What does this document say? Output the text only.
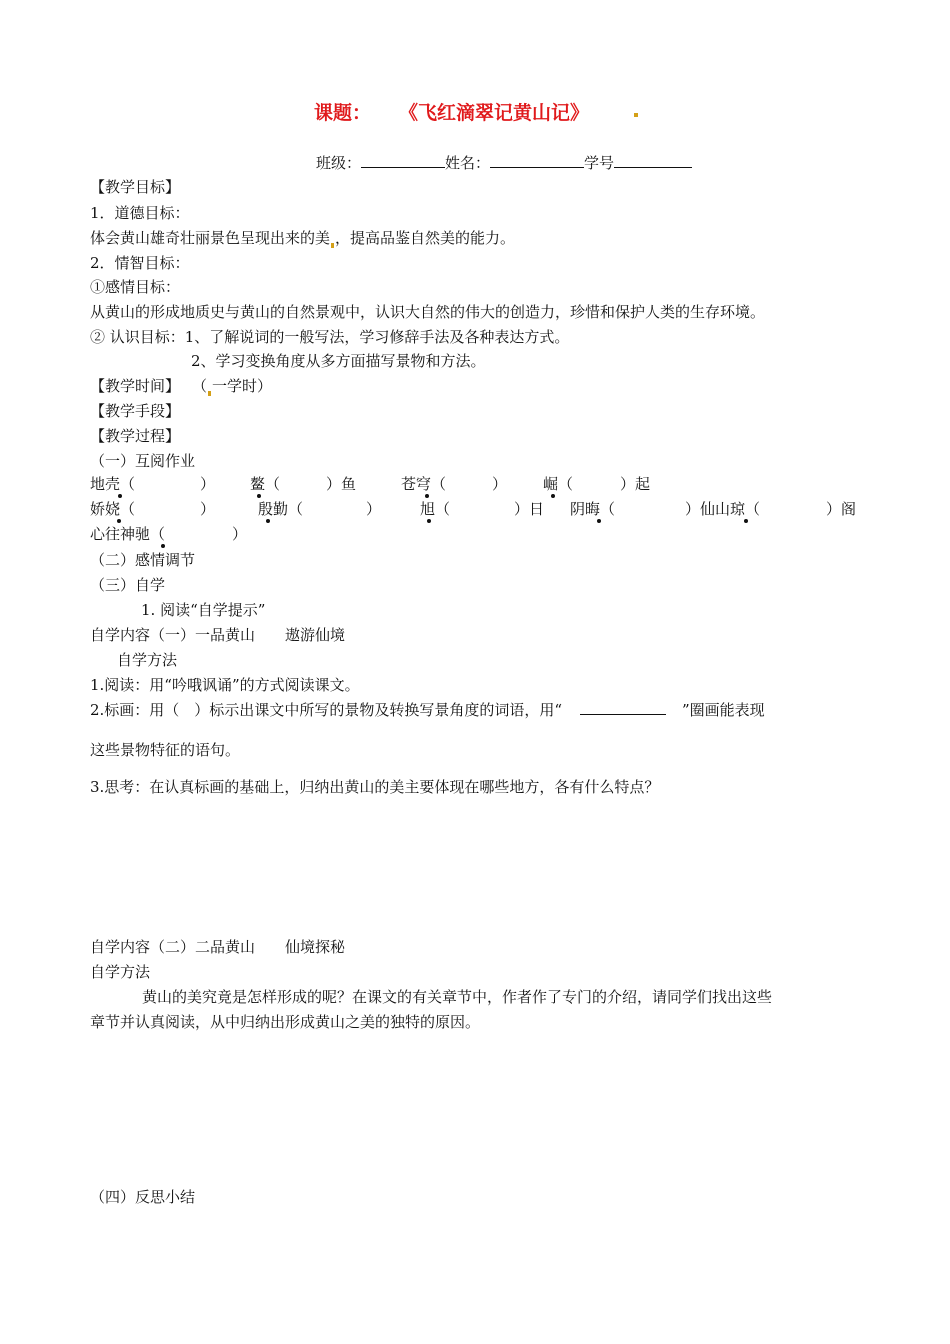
课题： 《飞红滴翠记黄山记》
班级：	姓名：	学号
【教学目标】
1．道德目标：
体会黄山雄奇壮丽景色呈现出来的美 ，提高品鉴自然美的能力。
2．情智目标：
①感情目标：
从黄山的形成地质史与黄山的自然景观中，认识大自然的伟大的创造力，珍惜和保护人类的生存环境。
② 认识目标：1、了解说词的一般写法，学习修辞手法及各种表达方式。
2、学习变换角度从多方面描写景物和方法。
【教学时间】 （ 一学时）
【教学手段】
【教学过程】
（一）互阅作业
地壳（	） 鳌（	）鱼	苍穹（	） 崛（	）起
娇娆（	）	殷勤（	）	旭（	）日 阴晦（	）仙山琼（	）阁
心往神驰（	）
（二）感情调节
（三）自学
1. 阅读“自学提示”
自学内容（一）一品黄山　　遨游仙境
自学方法
1.阅读：用“吟哦讽诵”的方式阅读课文。
2.标画：用（　）标示出课文中所写的景物及转换写景角度的词语，用“	”圈画能表现
这些景物特征的语句。
3.思考：在认真标画的基础上，归纳出黄山的美主要体现在哪些地方，各有什么特点？
自学内容（二）二品黄山　　仙境探秘
自学方法
黄山的美究竟是怎样形成的呢？在课文的有关章节中，作者作了专门的介绍，请同学们找出这些
章节并认真阅读，从中归纳出形成黄山之美的独特的原因。
（四）反思小结
